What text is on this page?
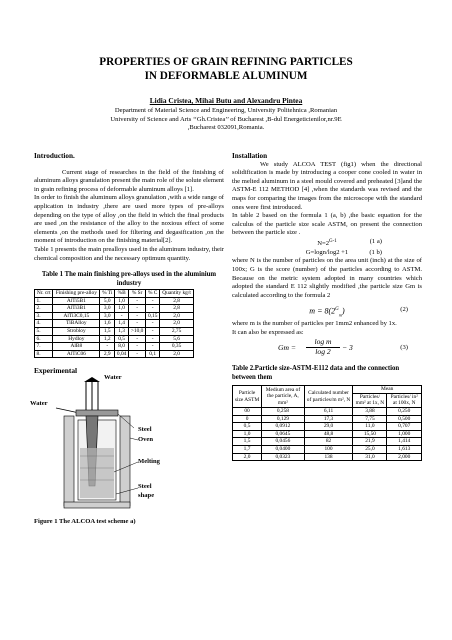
PROPERTIES OF GRAIN REFINING PARTICLES
IN DEFORMABLE ALUMINUM
Lidia Cristea, Mihai Butu and Alexandru Pintea
Department of Material Science and Engineering, University Politehnica ,Romanian
University of Science and Arts ‘‘Gh.Cristea’’ of Bucharest ,B-dul Energeticienilor,nr.9E
,Bucharest 032091,Romania.
Introduction.

Current stage of researches in the field of the finishing of aluminum alloys granulation present the main role of the solute element in grain refining process of deformable aluminum alloys [1].

In order to finish the aluminum alloys granulation ,with a wide range of application in industry ,there are used more types of pre-alloys depending on the type of alloy ,on the field in which the final products are used ,on the resistance of the alloy to the noxious effect of some elements ,on the methods used for filtering and degasification ,on the moment of introduction on the finishing material[2].

Table 1 presents the main prealloys used in the aluminum industry, their chemical composition and the necessary optimum quantity.

Table 1 The main finishing pre-alloys used in the aluminium industry
Nr. crt	Finishing pre-alloy	% Ti	%B	% Sr	% C	Quantity kg/t
1.	AlTi5B1	5,0	1,0	-	-	2,8
2.	AlTi3B1	3,0	1,0	-	-	2,8
3.	AlTi3C0,15	3,0	-	-	0,15	2,0
4.	TiBAlloy	1,6	1,4	-	-	2,0
5.	Strobloy	1,5	1,3	>10,0	-	2,75
6.	Hydloy	1,2	0,5	-	-	5,6
7.	AlB8	-	8,0	-	-	0,35
8.	AlTiC06	2,9	0,04	-	0,1	2,0
Experimental
Water
Water
Steel
Oven
Melting
Steel
shape
Figure 1 The ALCOA test scheme a)
Installation

We study ALCOA TEST (fig1) when the directional solidification is made by introducing a cooper cone cooled in water in the melted aluminum in a steel mould covered and preheated [3]and the ASTM-E 112 METHOD [4] ,when the standards was revised and the maps for comparing the images from the microscope with the standard ones were first introduced.

In table 2 based on the formula 1 (a, b) ,the basic equation for the calculus of the particle size scale ASTM, on present the connection between the particle size .

$N=2^{G-1}$	(1 a)
G=logn/log2 +1	(1 b)

where N is the number of particles on the area unit (inch) at the size of 100x; G is the score (number) of the particles according to ASTM. Because on the metric system adopted in many countries which adopted the standard E 112 slightly modified ,the particle size Gm is calculated according to the formula 2

$m = 8(2^G_m)$	(2)

where m is the number of particles per 1mm2 enhanced by 1x.

It can also be expressed as:

Gm =
log m
log 2	− 3	(3)
Table 2.Particle size-ASTM-E112 data and the connection between them
Particle size ASTM	Medium area of the particle, A, mm²	Calculated number of particles/m m², N	Mean	
			Particles/ mm² at 1x, N	Particles/ in² at 100x, N
00	0,258	6,11	3,88	0,250
0	0,129	17,3	7,75	0,500
0,5	0,0912	29,0	11,0	0,707
1,0	0,0645	48,8	15,50	1,000
1,5	0,0456	82	21,9	1,414
1,7	0,0400	100	25,0	1,613
2,0	0,0323	138	31,0	2,000
